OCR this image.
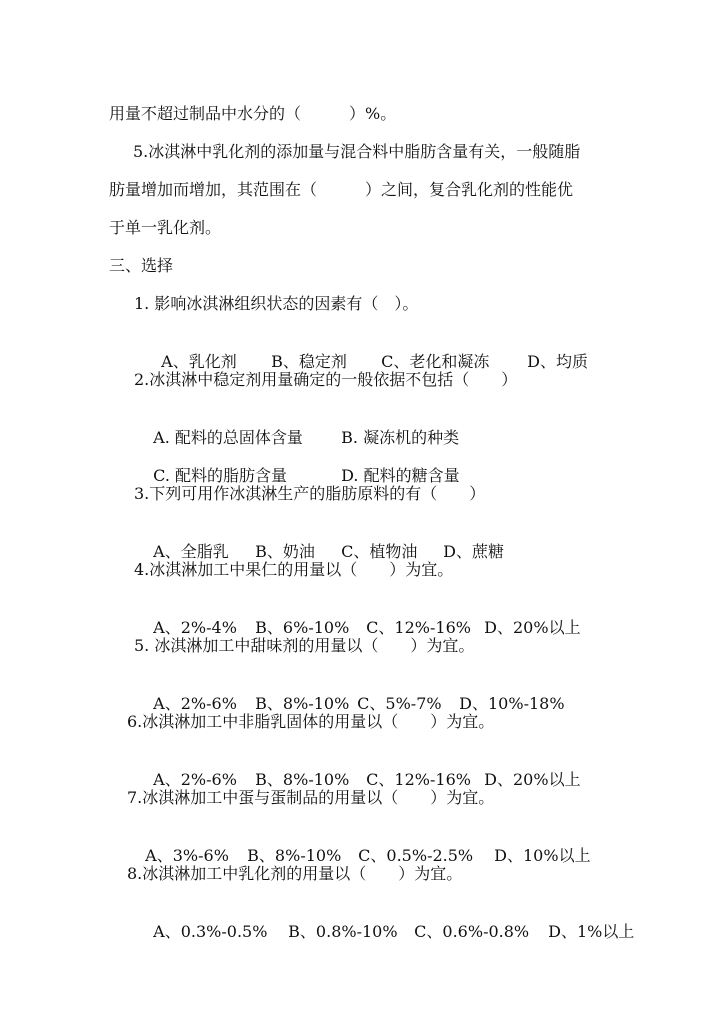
用量不超过制品中水分的（　　　）%。
5.冰淇淋中乳化剂的添加量与混合料中脂肪含量有关，一般随脂
肪量增加而增加，其范围在（　　　）之间，复合乳化剂的性能优
于单一乳化剂。
三、选择
1. 影响冰淇淋组织状态的因素有（　）。

A、乳化剂 B、稳定剂 C、老化和凝冻 D、均质

2.冰淇淋中稳定剂用量确定的一般依据不包括（　　）

A. 配料的总固体含量 B. 凝冻机的种类

C. 配料的脂肪含量	D. 配料的糖含量

3.下列可用作冰淇淋生产的脂肪原料的有（　　）

A、全脂乳 B、奶油 C、植物油 D、蔗糖

4.冰淇淋加工中果仁的用量以（　　）为宜。

A、2%-4% B、6%-10% C、12%-16% D、20%以上

5. 冰淇淋加工中甜味剂的用量以（　　）为宜。

A、2%-6% B、8%-10% C、5%-7% D、10%-18%

6.冰淇淋加工中非脂乳固体的用量以（　　）为宜。

A、2%-6% B、8%-10% C、12%-16% D、20%以上

7.冰淇淋加工中蛋与蛋制品的用量以（　　）为宜。

A、3%-6% B、8%-10% C、0.5%-2.5% D、10%以上

8.冰淇淋加工中乳化剂的用量以（　　）为宜。

A、0.3%-0.5% B、0.8%-10% C、0.6%-0.8% D、1%以上
